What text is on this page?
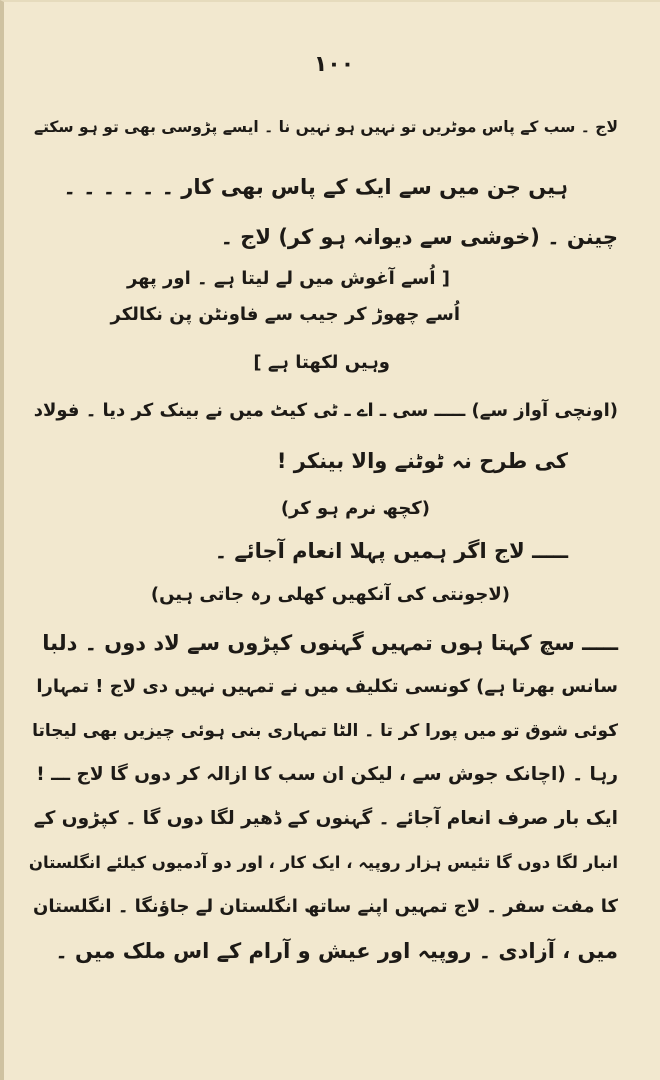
۱۰۰
لاج ۔ سب کے پاس موٹریں تو نہیں ہو نہیں نا ۔ ایسے پڑوسی بھی تو ہو سکتے
ہیں جن میں سے ایک کے پاس بھی کار ۔ ۔ ۔ ۔ ۔ ۔
چینن ۔ (خوشی سے دیوانہ ہو کر) لاج ۔
[ اُسے آغوش میں لے لیتا ہے ۔ اور پھر
اُسے چھوڑ کر جیب سے فاونٹن پن نکالکر
وہیں لکھتا ہے ]
(اونچی آواز سے) ـــــ سی ـ اے ـ ٹی کیٹ میں نے بینک کر دیا ۔ فولاد
کی طرح نہ ٹوٹنے والا بینکر !
(کچھ نرم ہو کر)
ـــــ لاج اگر ہمیں پہلا انعام آجائے ۔
(لاجونتی کی آنکھیں کھلی رہ جاتی ہیں)
ـــــ سچ کہتا ہوں تمہیں گہنوں کپڑوں سے لاد دوں ۔ دلبا
سانس بھرتا ہے) کونسی تکلیف میں نے تمہیں نہیں دی لاج ! تمہارا
کوئی شوق تو میں پورا کر تا ۔ الٹا تمہاری بنی ہوئی چیزیں بھی لیجاتا
رہا ۔ (اچانک جوش سے ، لیکن ان سب کا ازالہ کر دوں گا لاج ـــ !
ایک بار صرف انعام آجائے ۔ گہنوں کے ڈھیر لگا دوں گا ۔ کپڑوں کے
انبار لگا دوں گا تئیس ہزار روپیہ ، ایک کار ، اور دو آدمیوں کیلئے انگلستان
کا مفت سفر ۔ لاج تمہیں اپنے ساتھ انگلستان لے جاؤنگا ۔ انگلستان
میں ، آزادی ۔ روپیہ اور عیش و آرام کے اس ملک میں ۔
